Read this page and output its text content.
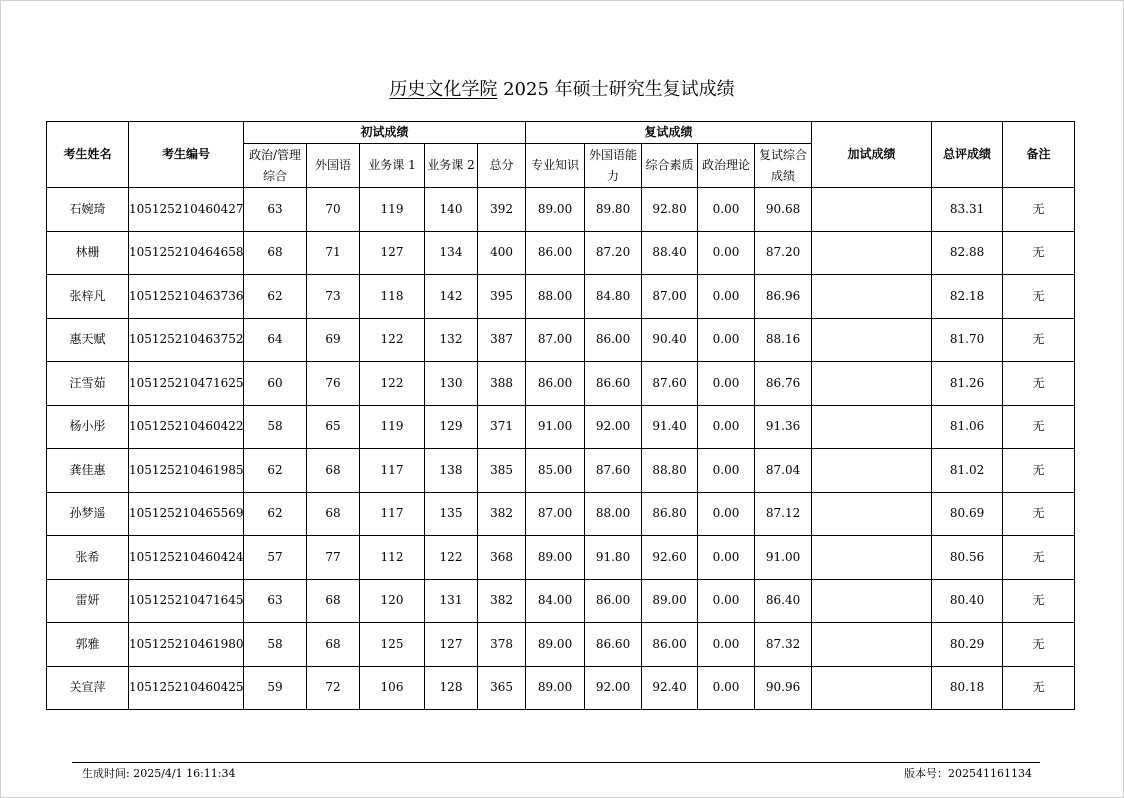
历史文化学院 2025 年硕士研究生复试成绩
考生姓名	考生编号	初试成绩					复试成绩					加试成绩	总评成绩	备注
		政治/管理综合	外国语	业务课 1	业务课 2	总分	专业知识	外国语能力	综合素质	政治理论	复试综合成绩			
石婉琦	105125210460427	63	70	119	140	392	89.00	89.80	92.80	0.00	90.68		83.31	无
林栅	105125210464658	68	71	127	134	400	86.00	87.20	88.40	0.00	87.20		82.88	无
张梓凡	105125210463736	62	73	118	142	395	88.00	84.80	87.00	0.00	86.96		82.18	无
惠天赋	105125210463752	64	69	122	132	387	87.00	86.00	90.40	0.00	88.16		81.70	无
汪雪茹	105125210471625	60	76	122	130	388	86.00	86.60	87.60	0.00	86.76		81.26	无
杨小彤	105125210460422	58	65	119	129	371	91.00	92.00	91.40	0.00	91.36		81.06	无
龚佳惠	105125210461985	62	68	117	138	385	85.00	87.60	88.80	0.00	87.04		81.02	无
孙梦遥	105125210465569	62	68	117	135	382	87.00	88.00	86.80	0.00	87.12		80.69	无
张希	105125210460424	57	77	112	122	368	89.00	91.80	92.60	0.00	91.00		80.56	无
雷妍	105125210471645	63	68	120	131	382	84.00	86.00	89.00	0.00	86.40		80.40	无
郭雅	105125210461980	58	68	125	127	378	89.00	86.60	86.00	0.00	87.32		80.29	无
关宣萍	105125210460425	59	72	106	128	365	89.00	92.00	92.40	0.00	90.96		80.18	无
生成时间: 2025/4/1 16:11:34	版本号：202541161134
